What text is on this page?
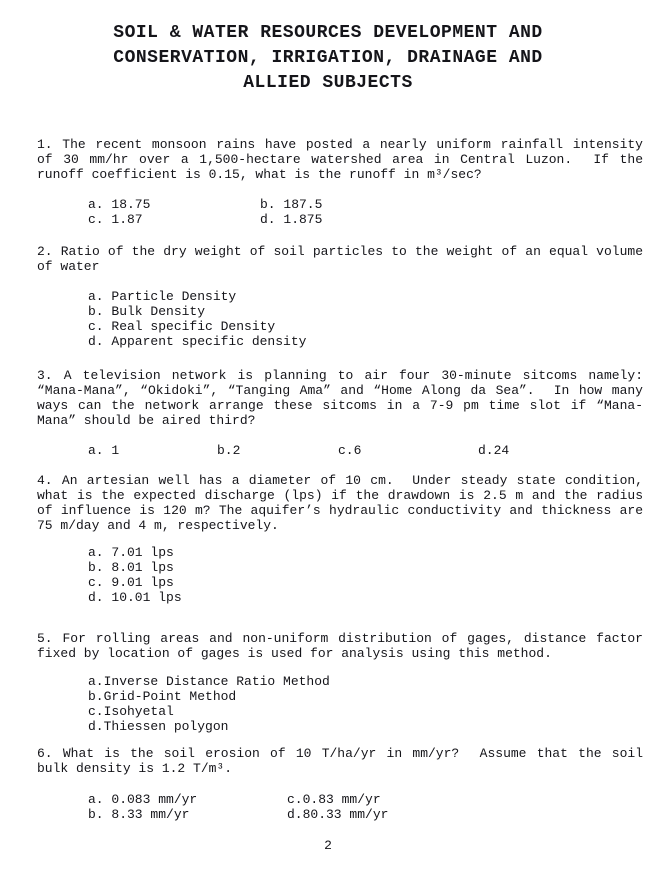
SOIL & WATER RESOURCES DEVELOPMENT AND
CONSERVATION, IRRIGATION, DRAINAGE AND
ALLIED SUBJECTS

1. The recent monsoon rains have posted a nearly uniform rainfall intensity of 30 mm/hr over a 1,500-hectare watershed area in Central Luzon.  If the runoff coefficient is 0.15, what is the runoff in m³/sec?

a. 18.75	b. 187.5
c. 1.87	d. 1.875

2. Ratio of the dry weight of soil particles to the weight of an equal volume of water

a. Particle Density
b. Bulk Density
c. Real specific Density
d. Apparent specific density

3. A television network is planning to air four 30-minute sitcoms namely: “Mana-Mana”, “Okidoki”, “Tanging Ama” and “Home Along da Sea”.  In how many ways can the network arrange these sitcoms in a 7-9 pm time slot if “Mana-Mana” should be aired third?

a. 1	b.2	c.6	d.24

4. An artesian well has a diameter of 10 cm.  Under steady state condition, what is the expected discharge (lps) if the drawdown is 2.5 m and the radius of influence is 120 m? The aquifer’s hydraulic conductivity and thickness are 75 m/day and 4 m, respectively.

a. 7.01 lps
b. 8.01 lps
c. 9.01 lps
d. 10.01 lps

5. For rolling areas and non-uniform distribution of gages, distance factor fixed by location of gages is used for analysis using this method.

a.Inverse Distance Ratio Method
b.Grid-Point Method
c.Isohyetal
d.Thiessen polygon

6. What is the soil erosion of 10 T/ha/yr in mm/yr?  Assume that the soil bulk density is 1.2 T/m³.

a. 0.083 mm/yr
b. 8.33 mm/yr
c.0.83 mm/yr
d.80.33 mm/yr
2
